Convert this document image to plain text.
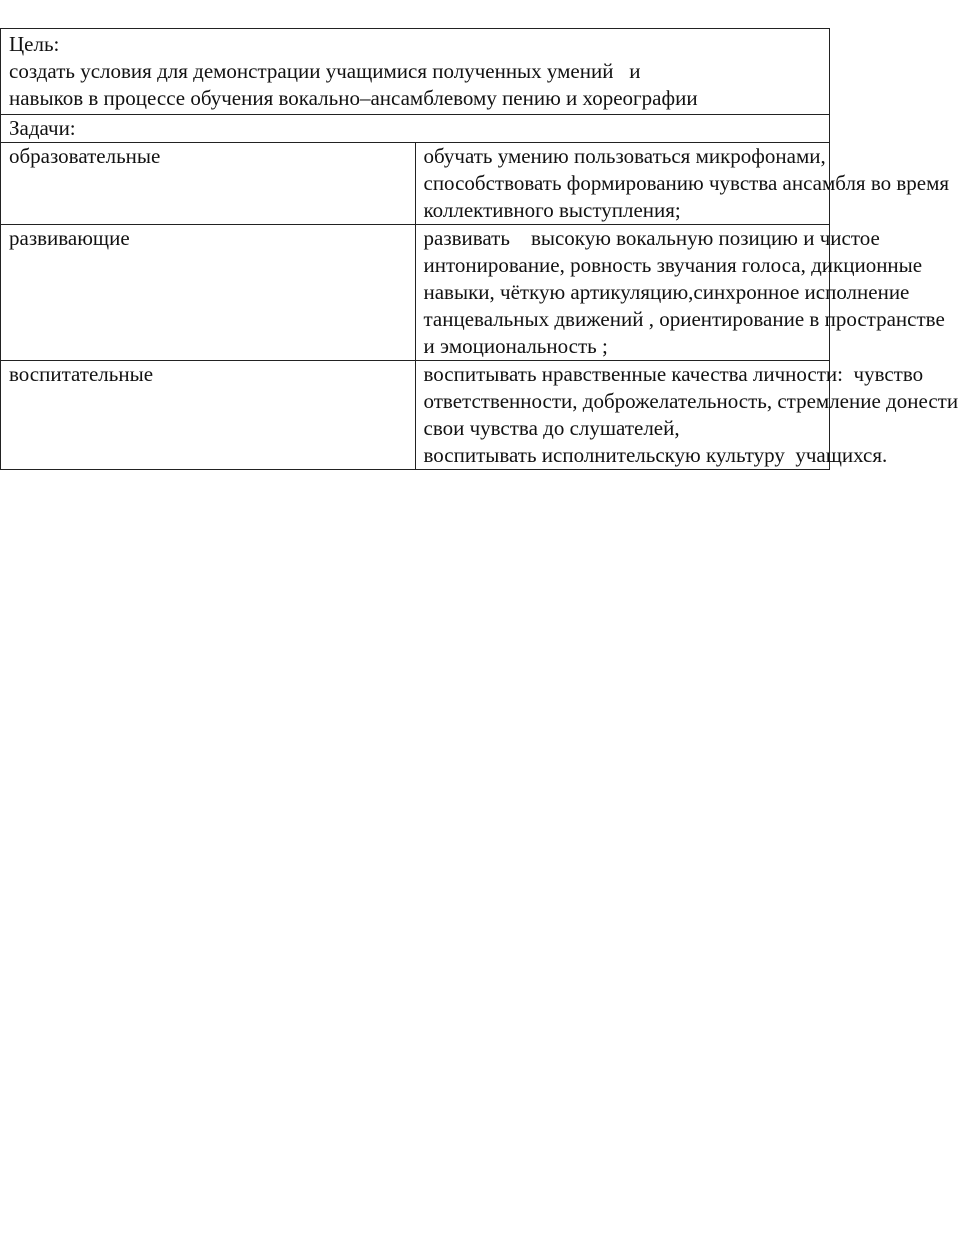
Цель:
создать условия для демонстрации учащимися полученных умений   и
навыков в процессе обучения вокально–ансамблевому пению и хореографии	

Задачи:	

образовательные	обучать умению пользоваться микрофонами,
способствовать формированию чувства ансамбля во время
коллективного выступления;

развивающие	развивать    высокую вокальную позицию и чистое
интонирование, ровность звучания голоса, дикционные
навыки, чёткую артикуляцию,синхронное исполнение
танцевальных движений , ориентирование в пространстве
и эмоциональность ;

воспитательные	воспитывать нравственные качества личности:  чувство
ответственности, доброжелательность, стремление донести
свои чувства до слушателей,
воспитывать исполнительскую культуру  учащихся.
